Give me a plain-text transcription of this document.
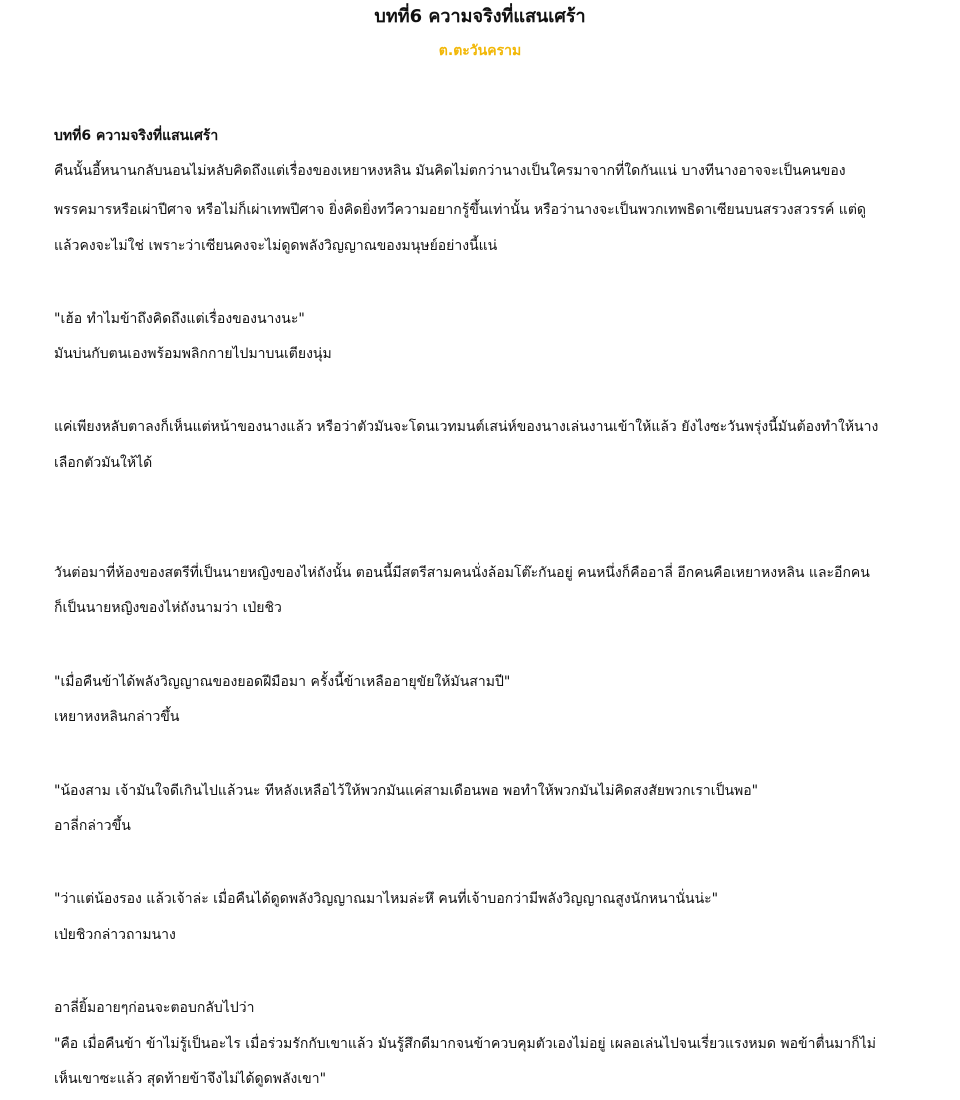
บทที่6 ความจริงที่แสนเศร้า
ต.ตะวันคราม
บทที่6 ความจริงที่แสนเศร้า
คืนนั้นอี้หนานกลับนอนไม่หลับคิดถึงแต่เรื่องของเหยาหงหลิน มันคิดไม่ตกว่านางเป็นใครมาจากที่ใดกันแน่ บางทีนางอาจจะเป็นคนของ
พรรคมารหรือเผ่าปีศาจ หรือไม่ก็เผ่าเทพปีศาจ ยิ่งคิดยิ่งทวีความอยากรู้ขึ้นเท่านั้น หรือว่านางจะเป็นพวกเทพธิดาเซียนบนสรวงสวรรค์ แต่ดู
แล้วคงจะไม่ใช่ เพราะว่าเซียนคงจะไม่ดูดพลังวิญญาณของมนุษย์อย่างนี้แน่
"เฮ้อ ทำไมข้าถึงคิดถึงแต่เรื่องของนางนะ"
มันบ่นกับตนเองพร้อมพลิกกายไปมาบนเตียงนุ่ม
แค่เพียงหลับตาลงก็เห็นแต่หน้าของนางแล้ว หรือว่าตัวมันจะโดนเวทมนต์เสน่ห์ของนางเล่นงานเข้าให้แล้ว ยังไงซะวันพรุ่งนี้มันต้องทำให้นาง
เลือกตัวมันให้ได้
วันต่อมาที่ห้องของสตรีที่เป็นนายหญิงของไห่ถังนั้น ตอนนี้มีสตรีสามคนนั่งล้อมโต๊ะกันอยู่ คนหนึ่งก็คืออาลี่ อีกคนคือเหยาหงหลิน และอีกคน
ก็เป็นนายหญิงของไห่ถังนามว่า เป่ยชิว
"เมื่อคืนข้าได้พลังวิญญาณของยอดฝีมือมา ครั้งนี้ข้าเหลืออายุขัยให้มันสามปี"
เหยาหงหลินกล่าวขึ้น
"น้องสาม เจ้ามันใจดีเกินไปแล้วนะ ทีหลังเหลือไว้ให้พวกมันแค่สามเดือนพอ พอทำให้พวกมันไม่คิดสงสัยพวกเราเป็นพอ"
อาลี่กล่าวขึ้น
"ว่าแต่น้องรอง แล้วเจ้าล่ะ เมื่อคืนได้ดูดพลังวิญญาณมาไหมล่ะหึ คนที่เจ้าบอกว่ามีพลังวิญญาณสูงนักหนานั่นน่ะ"
เป่ยชิวกล่าวถามนาง
อาลี่ยิ้มอายๆก่อนจะตอบกลับไปว่า
"คือ เมื่อคืนข้า ข้าไม่รู้เป็นอะไร เมื่อร่วมรักกับเขาแล้ว มันรู้สึกดีมากจนข้าควบคุมตัวเองไม่อยู่ เผลอเล่นไปจนเรี่ยวแรงหมด พอข้าตื่นมาก็ไม่
เห็นเขาซะแล้ว สุดท้ายข้าจึงไม่ได้ดูดพลังเขา"
